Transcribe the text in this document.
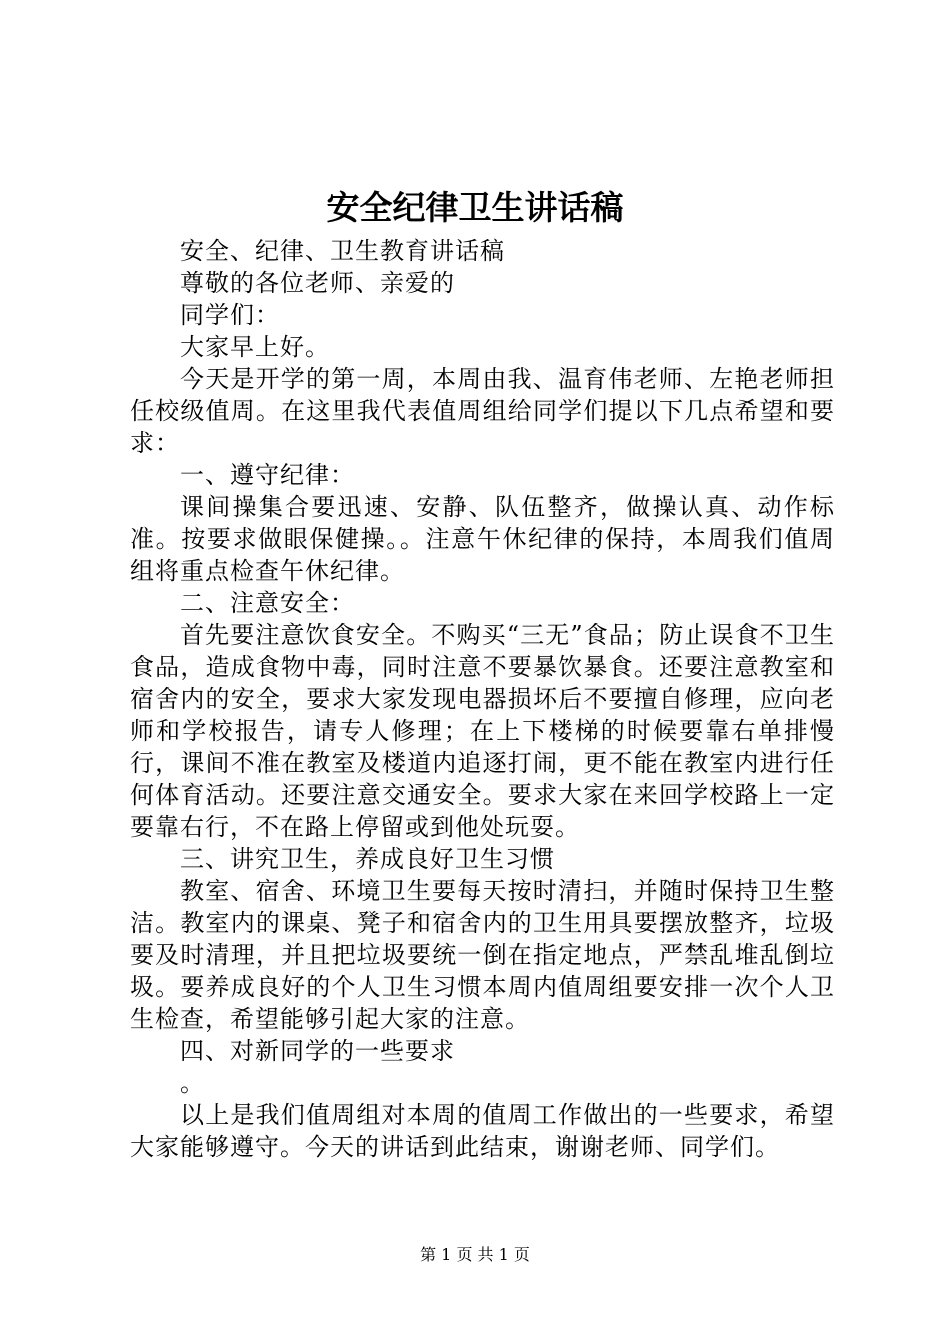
安全纪律卫生讲话稿

安全、纪律、卫生教育讲话稿

尊敬的各位老师、亲爱的

同学们：

大家早上好。

今天是开学的第一周，本周由我、温育伟老师、左艳老师担任校级值周。在这里我代表值周组给同学们提以下几点希望和要求：

一、遵守纪律：

课间操集合要迅速、安静、队伍整齐，做操认真、动作标准。按要求做眼保健操。。注意午休纪律的保持，本周我们值周组将重点检查午休纪律。

二、注意安全：

首先要注意饮食安全。不购买“三无”食品；防止误食不卫生食品，造成食物中毒，同时注意不要暴饮暴食。还要注意教室和宿舍内的安全，要求大家发现电器损坏后不要擅自修理，应向老师和学校报告，请专人修理；在上下楼梯的时候要靠右单排慢行，课间不准在教室及楼道内追逐打闹，更不能在教室内进行任何体育活动。还要注意交通安全。要求大家在来回学校路上一定要靠右行，不在路上停留或到他处玩耍。

三、讲究卫生，养成良好卫生习惯

教室、宿舍、环境卫生要每天按时清扫，并随时保持卫生整洁。教室内的课桌、凳子和宿舍内的卫生用具要摆放整齐，垃圾要及时清理，并且把垃圾要统一倒在指定地点，严禁乱堆乱倒垃圾。要养成良好的个人卫生习惯本周内值周组要安排一次个人卫生检查，希望能够引起大家的注意。

四、对新同学的一些要求

。

以上是我们值周组对本周的值周工作做出的一些要求，希望大家能够遵守。今天的讲话到此结束，谢谢老师、同学们。

第 1 页 共 1 页
